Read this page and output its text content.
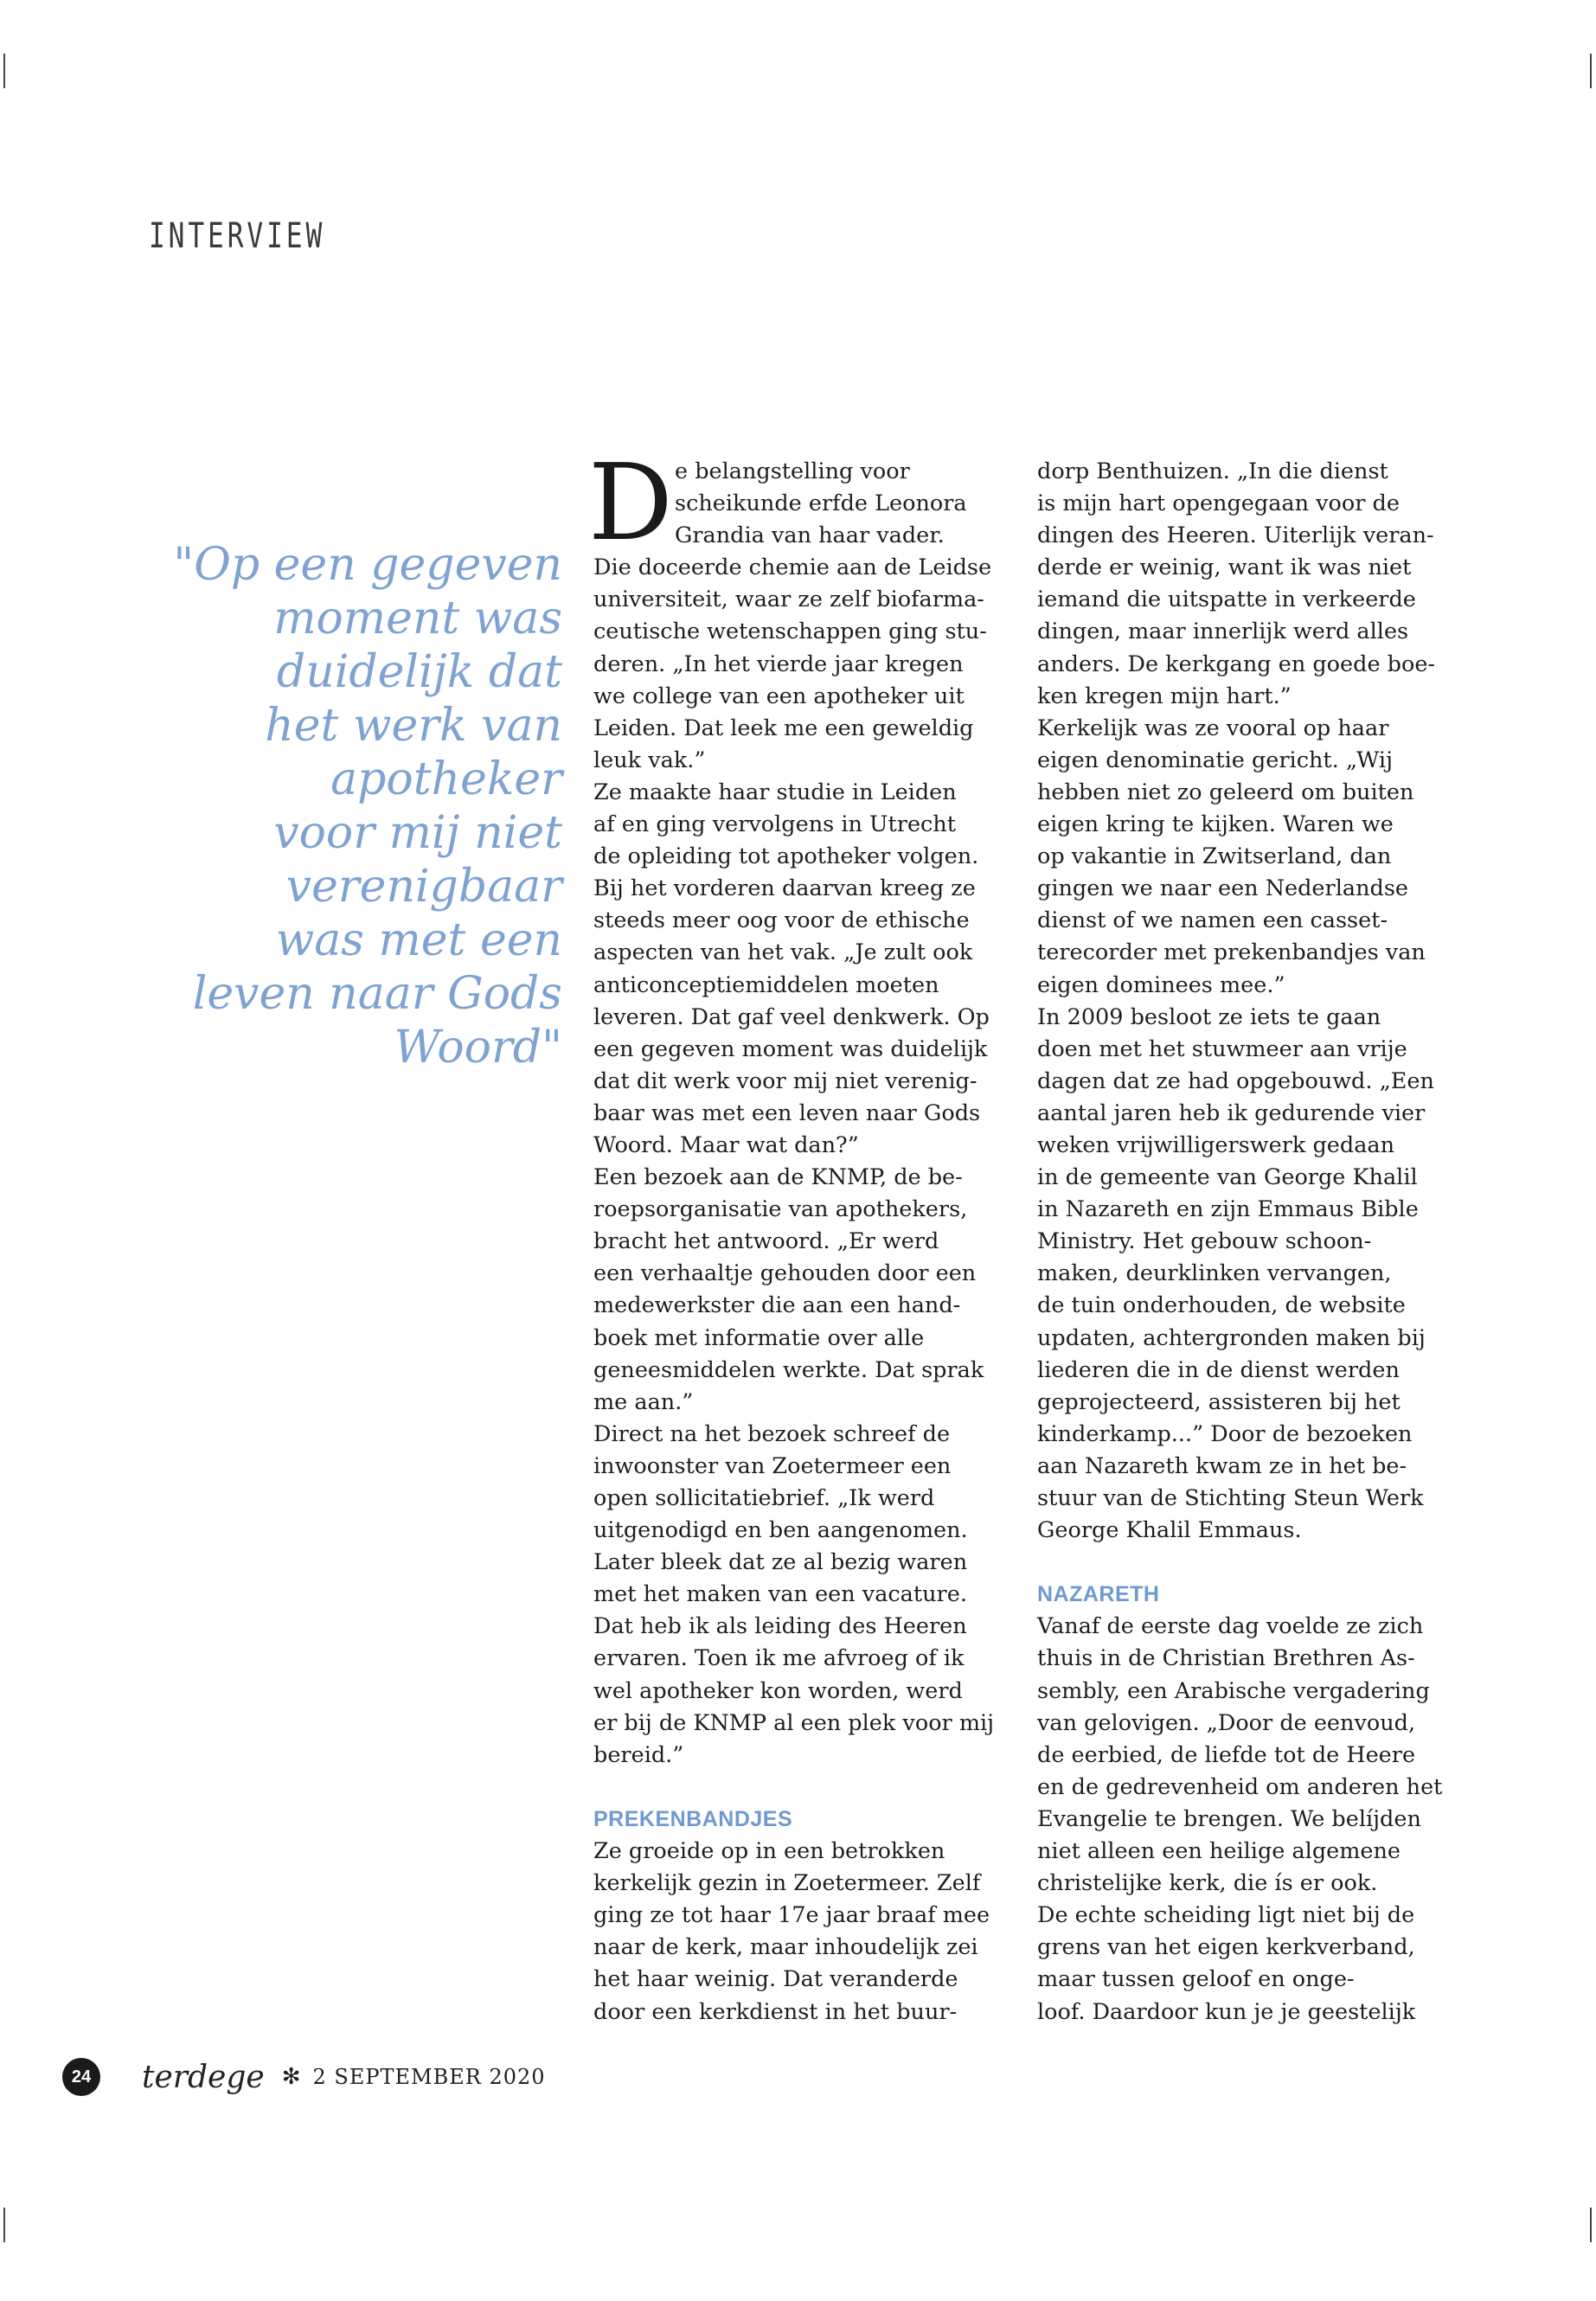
INTERVIEW
"Op een gegeven
moment was
duidelijk dat
het werk van
apotheker
voor mij niet
verenigbaar
was met een
leven naar Gods
Woord"
D e belangstelling voor
scheikunde erfde Leonora
Grandia van haar vader.
Die doceerde chemie aan de Leidse
universiteit, waar ze zelf biofarma-
ceutische wetenschappen ging stu-
deren. „In het vierde jaar kregen
we college van een apotheker uit
Leiden. Dat leek me een geweldig
leuk vak.”
Ze maakte haar studie in Leiden
af en ging vervolgens in Utrecht
de opleiding tot apotheker volgen.
Bij het vorderen daarvan kreeg ze
steeds meer oog voor de ethische
aspecten van het vak. „Je zult ook
anticonceptiemiddelen moeten
leveren. Dat gaf veel denkwerk. Op
een gegeven moment was duidelijk
dat dit werk voor mij niet verenig-
baar was met een leven naar Gods
Woord. Maar wat dan?”
Een bezoek aan de KNMP, de be-
roepsorganisatie van apothekers,
bracht het antwoord. „Er werd
een verhaaltje gehouden door een
medewerkster die aan een hand-
boek met informatie over alle
geneesmiddelen werkte. Dat sprak
me aan.”
Direct na het bezoek schreef de
inwoonster van Zoetermeer een
open sollicitatiebrief. „Ik werd
uitgenodigd en ben aangenomen.
Later bleek dat ze al bezig waren
met het maken van een vacature.
Dat heb ik als leiding des Heeren
ervaren. Toen ik me afvroeg of ik
wel apotheker kon worden, werd
er bij de KNMP al een plek voor mij
bereid.”
PREKENBANDJES
Ze groeide op in een betrokken
kerkelijk gezin in Zoetermeer. Zelf
ging ze tot haar 17e jaar braaf mee
naar de kerk, maar inhoudelijk zei
het haar weinig. Dat veranderde
door een kerkdienst in het buur-
dorp Benthuizen. „In die dienst
is mijn hart opengegaan voor de
dingen des Heeren. Uiterlijk veran-
derde er weinig, want ik was niet
iemand die uitspatte in verkeerde
dingen, maar innerlijk werd alles
anders. De kerkgang en goede boe-
ken kregen mijn hart.”
Kerkelijk was ze vooral op haar
eigen denominatie gericht. „Wij
hebben niet zo geleerd om buiten
eigen kring te kijken. Waren we
op vakantie in Zwitserland, dan
gingen we naar een Nederlandse
dienst of we namen een casset-
terecorder met prekenbandjes van
eigen dominees mee.”
In 2009 besloot ze iets te gaan
doen met het stuwmeer aan vrije
dagen dat ze had opgebouwd. „Een
aantal jaren heb ik gedurende vier
weken vrijwilligerswerk gedaan
in de gemeente van George Khalil
in Nazareth en zijn Emmaus Bible
Ministry. Het gebouw schoon-
maken, deurklinken vervangen,
de tuin onderhouden, de website
updaten, achtergronden maken bij
liederen die in de dienst werden
geprojecteerd, assisteren bij het
kinderkamp...” Door de bezoeken
aan Nazareth kwam ze in het be-
stuur van de Stichting Steun Werk
George Khalil Emmaus.
NAZARETH
Vanaf de eerste dag voelde ze zich
thuis in de Christian Brethren As-
sembly, een Arabische vergadering
van gelovigen. „Door de eenvoud,
de eerbied, de liefde tot de Heere
en de gedrevenheid om anderen het
Evangelie te brengen. We belíjden
niet alleen een heilige algemene
christelijke kerk, die ís er ook.
De echte scheiding ligt niet bij de
grens van het eigen kerkverband,
maar tussen geloof en onge-
loof. Daardoor kun je je geestelijk
24	terdege ✻ 2 SEPTEMBER 2020
